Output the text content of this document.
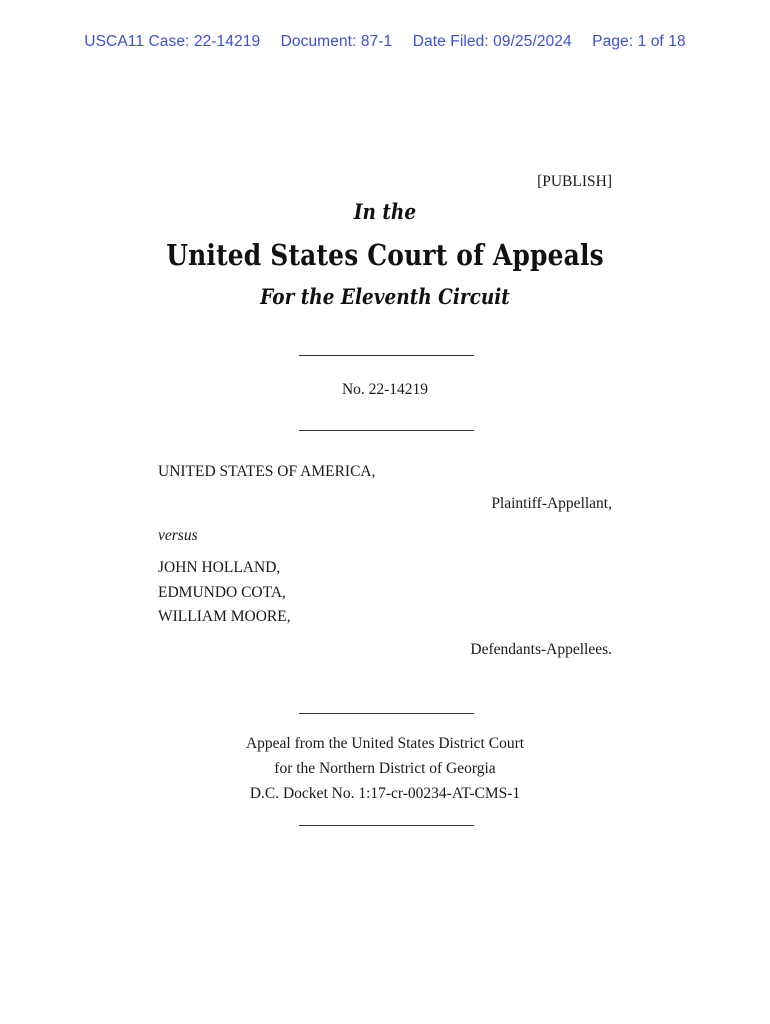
USCA11 Case: 22-14219 Document: 87-1 Date Filed: 09/25/2024 Page: 1 of 18
[PUBLISH]
In the
United States Court of Appeals
For the Eleventh Circuit
No. 22-14219
UNITED STATES OF AMERICA,
Plaintiff-Appellant,
versus
JOHN HOLLAND,
EDMUNDO COTA,
WILLIAM MOORE,
Defendants-Appellees.
Appeal from the United States District Court
for the Northern District of Georgia
D.C. Docket No. 1:17-cr-00234-AT-CMS-1
